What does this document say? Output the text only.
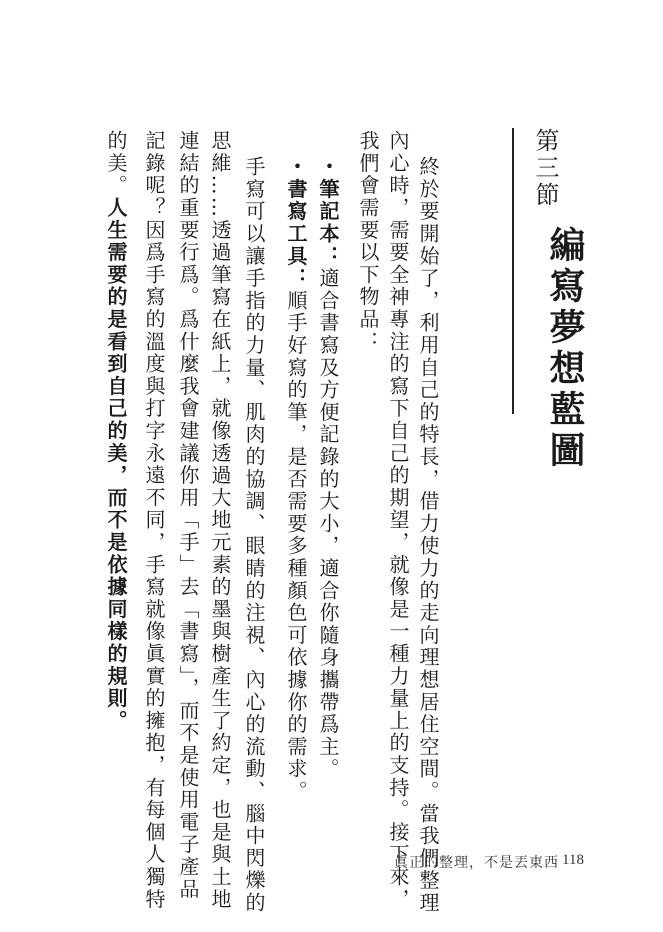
第三節
編寫夢想藍圖
終於要開始了，利用自己的特長，借力使力的走向理想居住空間。當我們整理
內心時，需要全神專注的寫下自己的期望，就像是一種力量上的支持。接下來，
我們會需要以下物品：
・筆記本：適合書寫及方便記錄的大小，適合你隨身攜帶爲主。
・書寫工具：順手好寫的筆，是否需要多種顏色可依據你的需求。
手寫可以讓手指的力量、肌肉的協調、眼睛的注視、內心的流動、腦中閃爍的
思維……透過筆寫在紙上，就像透過大地元素的墨與樹產生了約定，也是與土地
連結的重要行爲。爲什麼我會建議你用「手」去「書寫」，而不是使用電子產品
記錄呢？因爲手寫的溫度與打字永遠不同，手寫就像眞實的擁抱，有每個人獨特
的美。人生需要的是看到自己的美，而不是依據同樣的規則。
眞正的整理，不是丟東西 118
